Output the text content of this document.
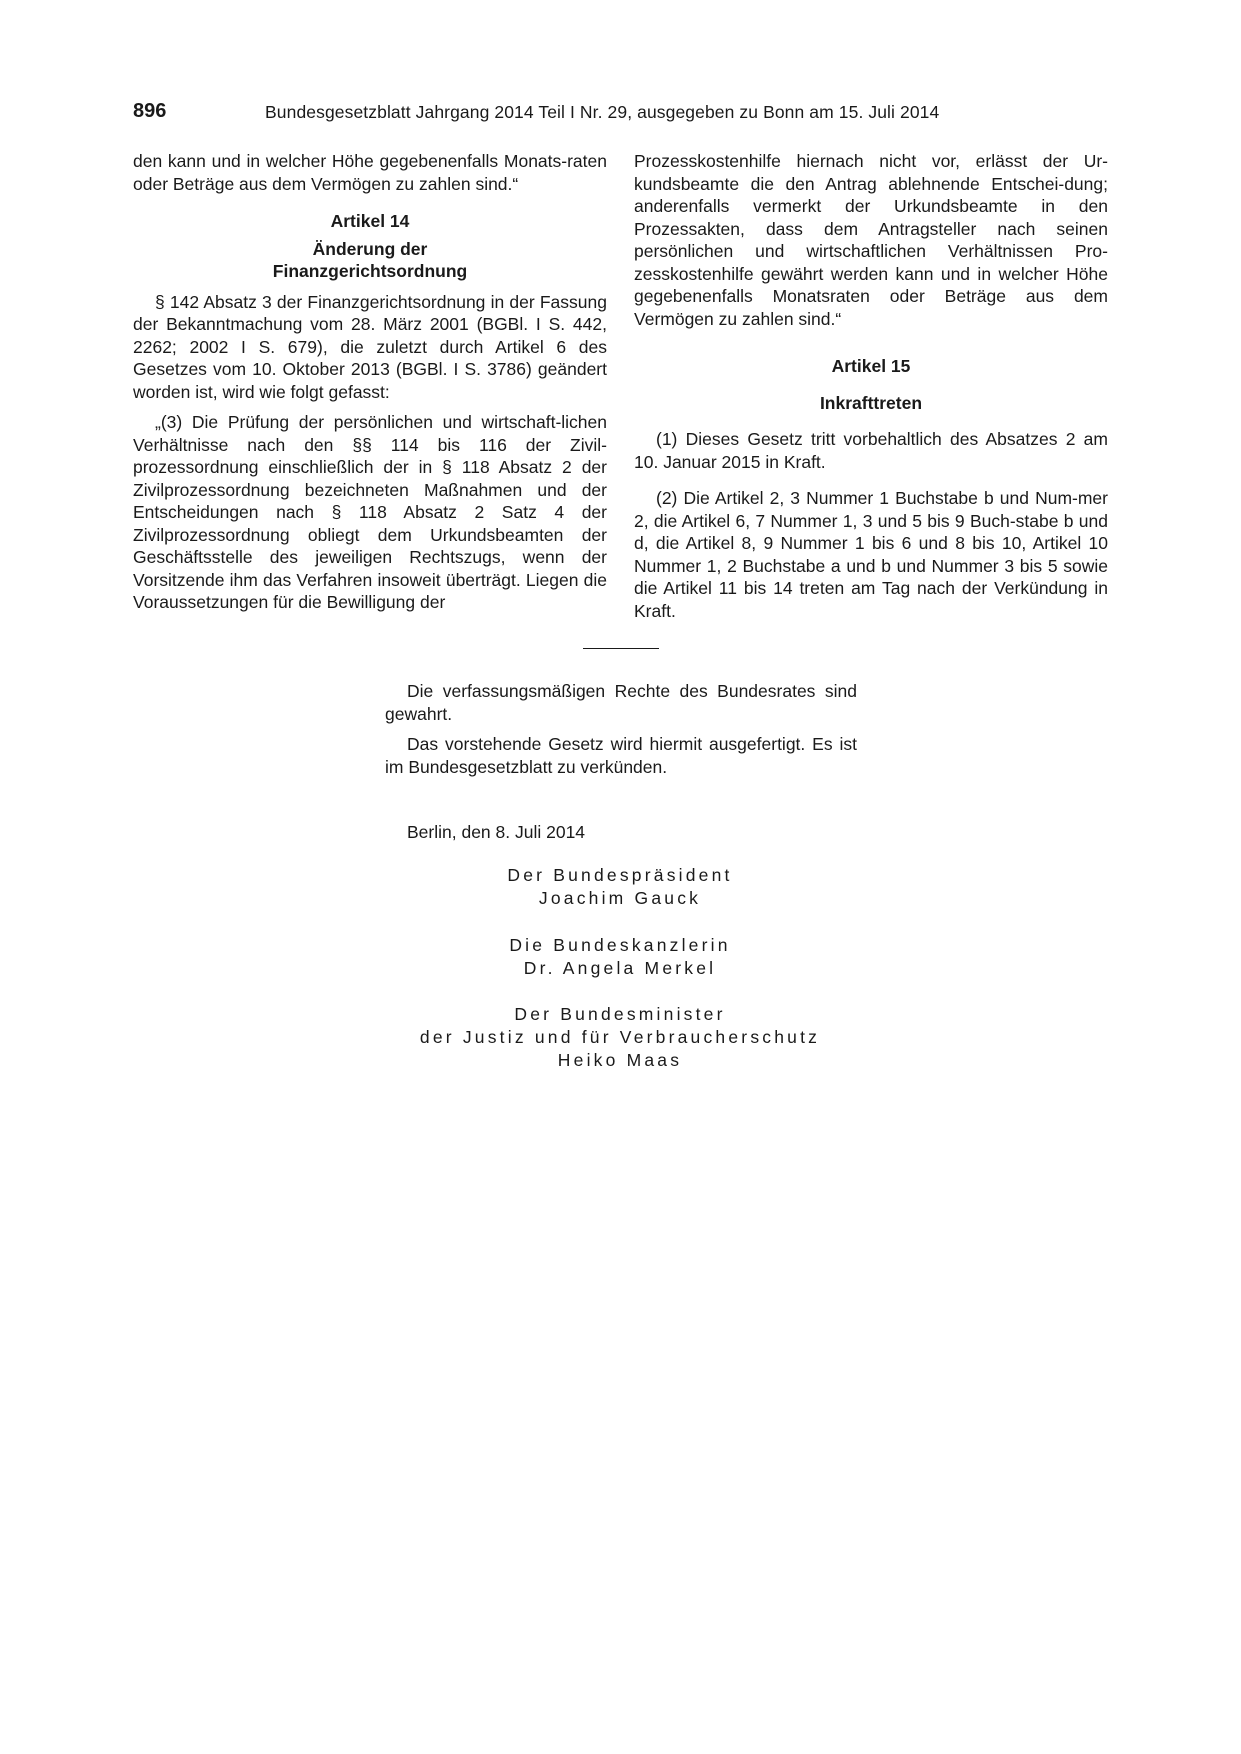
896	Bundesgesetzblatt Jahrgang 2014 Teil I Nr. 29, ausgegeben zu Bonn am 15. Juli 2014

den kann und in welcher Höhe gegebenenfalls Monats-raten oder Beträge aus dem Vermögen zu zahlen sind.“

Artikel 14

Änderung der

Finanzgerichtsordnung

§ 142 Absatz 3 der Finanzgerichtsordnung in der Fassung der Bekanntmachung vom 28. März 2001 (BGBl. I S. 442, 2262; 2002 I S. 679), die zuletzt durch Artikel 6 des Gesetzes vom 10. Oktober 2013 (BGBl. I S. 3786) geändert worden ist, wird wie folgt gefasst:

„(3) Die Prüfung der persönlichen und wirtschaft-lichen Verhältnisse nach den §§ 114 bis 116 der Zivil-prozessordnung einschließlich der in § 118 Absatz 2 der Zivilprozessordnung bezeichneten Maßnahmen und der Entscheidungen nach § 118 Absatz 2 Satz 4 der Zivilprozessordnung obliegt dem Urkundsbeamten der Geschäftsstelle des jeweiligen Rechtszugs, wenn der Vorsitzende ihm das Verfahren insoweit überträgt. Liegen die Voraussetzungen für die Bewilligung der

Prozesskostenhilfe hiernach nicht vor, erlässt der Ur-kundsbeamte die den Antrag ablehnende Entschei-dung; anderenfalls vermerkt der Urkundsbeamte in den Prozessakten, dass dem Antragsteller nach seinen persönlichen und wirtschaftlichen Verhältnissen Pro-zesskostenhilfe gewährt werden kann und in welcher Höhe gegebenenfalls Monatsraten oder Beträge aus dem Vermögen zu zahlen sind.“

Artikel 15

Inkrafttreten

(1) Dieses Gesetz tritt vorbehaltlich des Absatzes 2 am 10. Januar 2015 in Kraft.

(2) Die Artikel 2, 3 Nummer 1 Buchstabe b und Num-mer 2, die Artikel 6, 7 Nummer 1, 3 und 5 bis 9 Buch-stabe b und d, die Artikel 8, 9 Nummer 1 bis 6 und 8 bis 10, Artikel 10 Nummer 1, 2 Buchstabe a und b und Nummer 3 bis 5 sowie die Artikel 11 bis 14 treten am Tag nach der Verkündung in Kraft.

Die verfassungsmäßigen Rechte des Bundesrates sind gewahrt.

Das vorstehende Gesetz wird hiermit ausgefertigt. Es ist im Bundesgesetzblatt zu verkünden.

Berlin, den 8. Juli 2014
Der Bundespräsident
Joachim Gauck
Die Bundeskanzlerin
Dr. Angela Merkel
Der Bundesminister
der Justiz und für Verbraucherschutz
Heiko Maas
